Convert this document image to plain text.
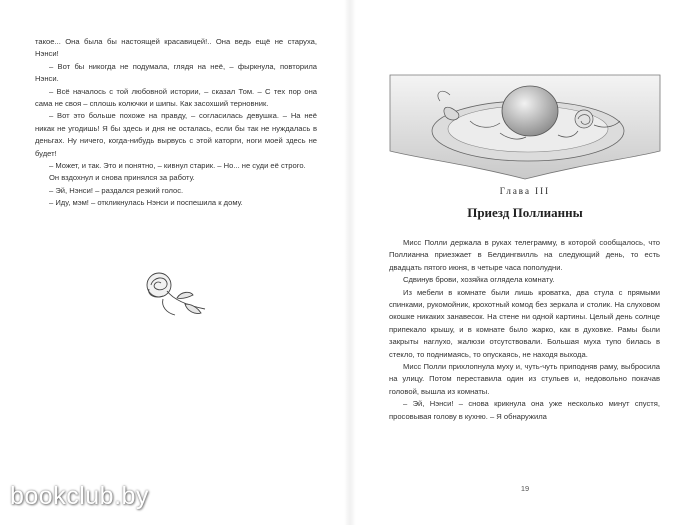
такое... Она была бы настоящей красавицей!.. Она ведь ещё не старуха, Нэнси!

– Вот бы никогда не подумала, глядя на неё, – фыркнула, повторила Нэнси.

– Всё началось с той любовной истории, – сказал Том. – С тех пор она сама не своя – сплошь колючки и шипы. Как засохший терновник.

– Вот это больше похоже на правду, – согласилась девушка. – На неё никак не угодишь! Я бы здесь и дня не осталась, если бы так не нуждалась в деньгах. Ну ничего, когда-нибудь вырвусь с этой каторги, ноги моей здесь не будет!

– Может, и так. Это и понятно, – кивнул старик. – Но... не суди её строго.

Он вздохнул и снова принялся за работу.

– Эй, Нэнси! – раздался резкий голос.

– Иду, мэм! – откликнулась Нэнси и поспешила к дому.

Глава III
Приезд Поллианны

Мисс Полли держала в руках телеграмму, в которой сообщалось, что Поллианна приезжает в Белдингвилль на следующий день, то есть двадцать пятого июня, в четыре часа пополудни.

Сдвинув брови, хозяйка оглядела комнату.

Из мебели в комнате были лишь кроватка, два стула с прямыми спинками, рукомойник, крохотный комод без зеркала и столик. На слуховом окошке никаких занавесок. На стене ни одной картины. Целый день солнце припекало крышу, и в комнате было жарко, как в духовке. Рамы были закрыты наглухо, жалюзи отсутствовали. Большая муха тупо билась в стекло, то поднимаясь, то опускаясь, не находя выхода.

Мисс Полли прихлопнула муху и, чуть-чуть приподняв раму, выбросила на улицу. Потом переставила один из стульев и, недовольно покачав головой, вышла из комнаты.

– Эй, Нэнси! – снова крикнула она уже несколько минут спустя, просовывая голову в кухню. – Я обнаружила

19
bookclub.by
